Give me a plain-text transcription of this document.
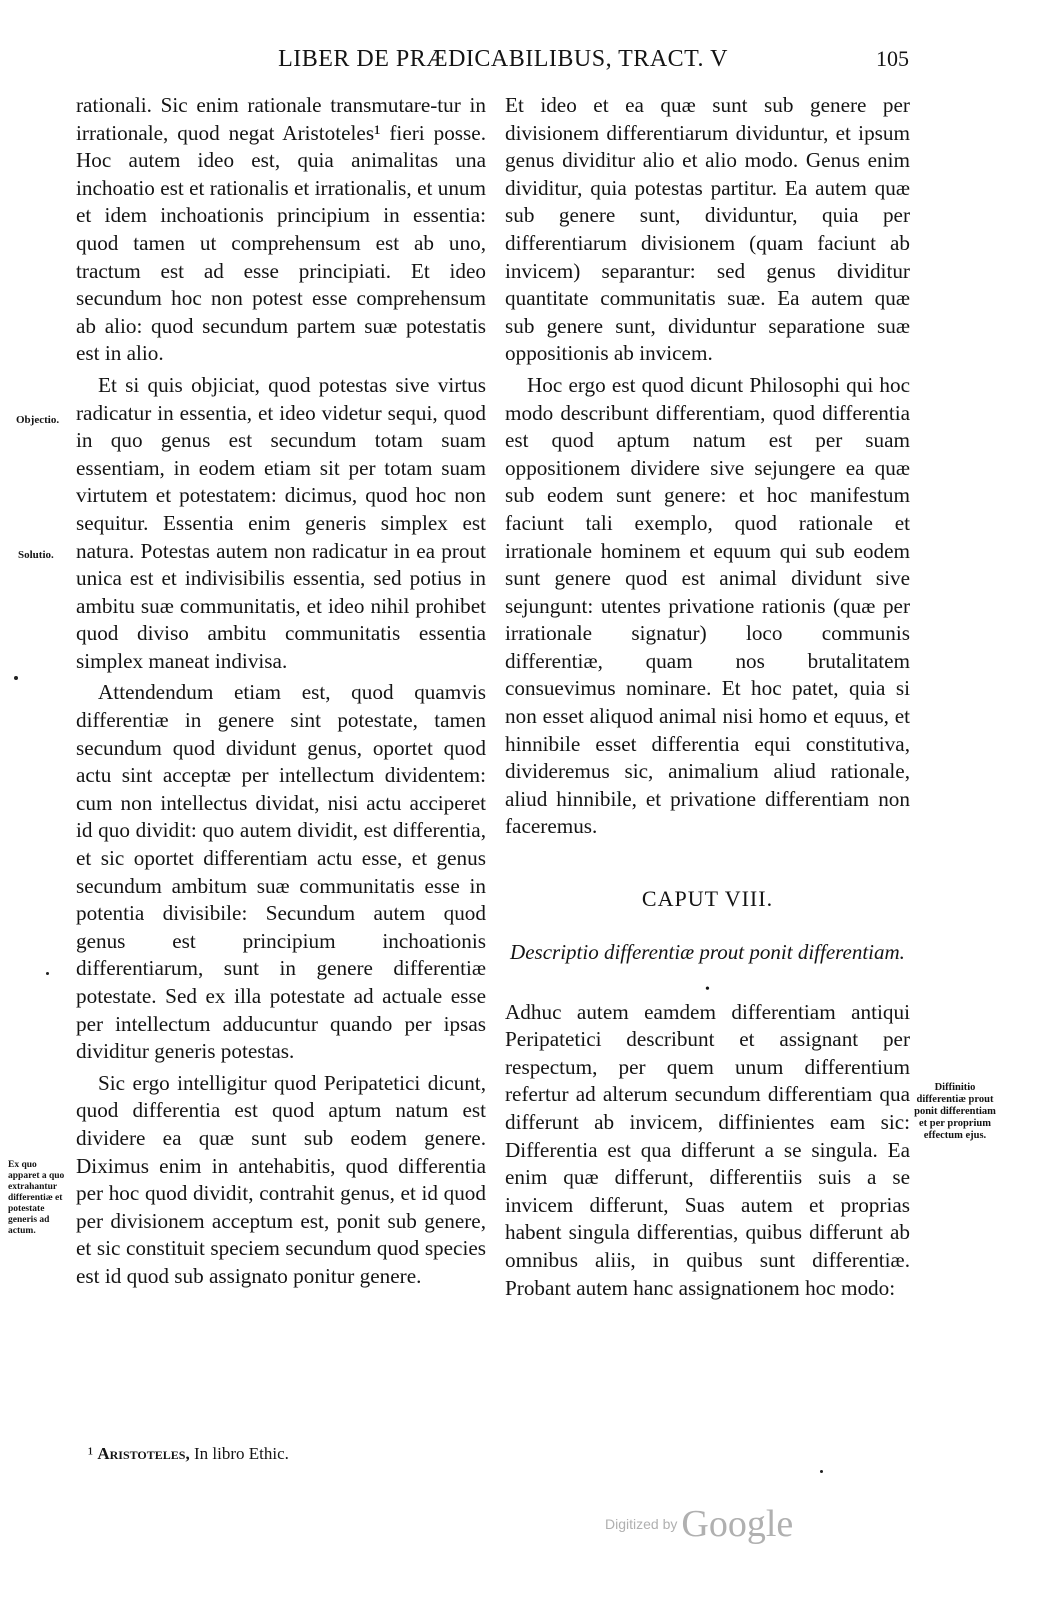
LIBER DE PRÆDICABILIBUS, TRACT. V	105

rationali. Sic enim rationale transmutare-tur in irrationale, quod negat Aristoteles¹ fieri posse. Hoc autem ideo est, quia animalitas una inchoatio est et rationalis et irrationalis, et unum et idem inchoationis principium in essentia: quod tamen ut comprehensum est ab uno, tractum est ad esse principiati. Et ideo secundum hoc non potest esse comprehensum ab alio: quod secundum partem suæ potestatis est in alio.

Et si quis objiciat, quod potestas sive virtus radicatur in essentia, et ideo videtur sequi, quod in quo genus est secundum totam suam essentiam, in eodem etiam sit per totam suam virtutem et potestatem: dicimus, quod hoc non sequitur. Essentia enim generis simplex est natura. Potestas autem non radicatur in ea prout unica est et indivisibilis essentia, sed potius in ambitu suæ communitatis, et ideo nihil prohibet quod diviso ambitu communitatis essentia simplex maneat indivisa.

Attendendum etiam est, quod quamvis differentiæ in genere sint potestate, tamen secundum quod dividunt genus, oportet quod actu sint acceptæ per intellectum dividentem: cum non intellectus dividat, nisi actu acciperet id quo dividit: quo autem dividit, est differentia, et sic oportet differentiam actu esse, et genus secundum ambitum suæ communitatis esse in potentia divisibile: Secundum autem quod genus est principium inchoationis differentiarum, sunt in genere differentiæ potestate. Sed ex illa potestate ad actuale esse per intellectum adducuntur quando per ipsas dividitur generis potestas.

Sic ergo intelligitur quod Peripatetici dicunt, quod differentia est quod aptum natum est dividere ea quæ sunt sub eodem genere. Diximus enim in antehabitis, quod differentia per hoc quod dividit, contrahit genus, et id quod per divisionem acceptum est, ponit sub genere, et sic constituit speciem secundum quod species est id quod sub assignato ponitur genere.

Et ideo et ea quæ sunt sub genere per divisionem differentiarum dividuntur, et ipsum genus dividitur alio et alio modo. Genus enim dividitur, quia potestas partitur. Ea autem quæ sub genere sunt, dividuntur, quia per differentiarum divisionem (quam faciunt ab invicem) separantur: sed genus dividitur quantitate communitatis suæ. Ea autem quæ sub genere sunt, dividuntur separatione suæ oppositionis ab invicem.

Hoc ergo est quod dicunt Philosophi qui hoc modo describunt differentiam, quod differentia est quod aptum natum est per suam oppositionem dividere sive sejungere ea quæ sub eodem sunt genere: et hoc manifestum faciunt tali exemplo, quod rationale et irrationale hominem et equum qui sub eodem sunt genere quod est animal dividunt sive sejungunt: utentes privatione rationis (quæ per irrationale signatur) loco communis differentiæ, quam nos brutalitatem consuevimus nominare. Et hoc patet, quia si non esset aliquod animal nisi homo et equus, et hinnibile esset differentia equi constitutiva, divideremus sic, animalium aliud rationale, aliud hinnibile, et privatione differentiam non faceremus.

CAPUT VIII.
Descriptio differentiæ prout ponit differentiam.
•

Adhuc autem eamdem differentiam antiqui Peripatetici describunt et assignant per respectum, per quem unum differentium refertur ad alterum secundum differentiam qua differunt ab invicem, diffinientes eam sic: Differentia est qua differunt a se singula. Ea enim quæ differunt, differentiis suis a se invicem differunt, Suas autem et proprias habent singula differentias, quibus differunt ab omnibus aliis, in quibus sunt differentiæ. Probant autem hanc assignationem hoc modo:

Objectio.
Solutio.
Ex quo apparet a quo extrahantur differentiæ et potestate generis ad actum.
Diffinitio differentiæ prout ponit differentiam et per proprium effectum ejus.
¹ Aristoteles, In libro Ethic.
Digitized by Google
